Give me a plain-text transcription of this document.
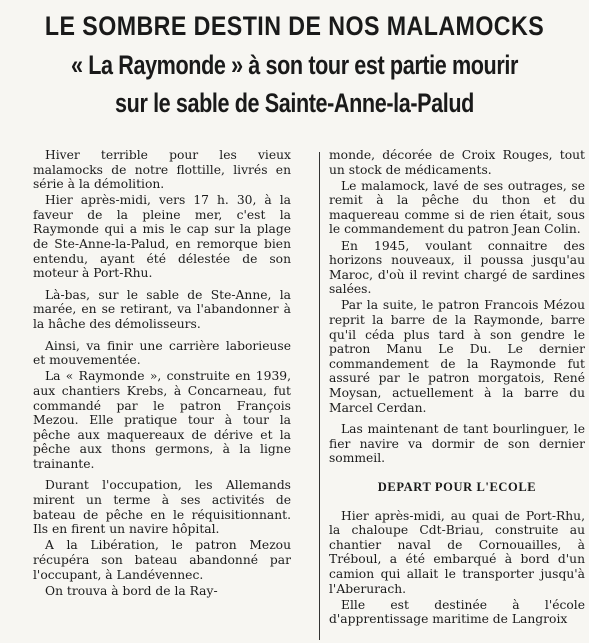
LE SOMBRE DESTIN DE NOS MALAMOCKS
« La Raymonde » à son tour est partie mourir
sur le sable de Sainte-Anne-la-Palud

Hiver terrible pour les vieux malamocks de notre flottille, livrés en série à la démolition.

Hier après-midi, vers 17 h. 30, à la faveur de la pleine mer, c'est la Raymonde qui a mis le cap sur la plage de Ste-Anne-la-Palud, en remorque bien entendu, ayant été délestée de son moteur à Port-Rhu.

Là-bas, sur le sable de Ste-Anne, la marée, en se retirant, va l'abandonner à la hâche des démolisseurs.

Ainsi, va finir une carrière laborieuse et mouvementée.

La « Raymonde », construite en 1939, aux chantiers Krebs, à Concarneau, fut commandé par le patron François Mezou. Elle pratique tour à tour la pêche aux maquereaux de dérive et la pêche aux thons germons, à la ligne trainante.

Durant l'occupation, les Allemands mirent un terme à ses activités de bateau de pêche en le réquisitionnant. Ils en firent un navire hôpital.

A la Libération, le patron Mezou récupéra son bateau abandonné par l'occupant, à Landévennec.

On trouva à bord de la Ray-

monde, décorée de Croix Rouges, tout un stock de médicaments.

Le malamock, lavé de ses outrages, se remit à la pêche du thon et du maquereau comme si de rien était, sous le commandement du patron Jean Colin.

En 1945, voulant connaitre des horizons nouveaux, il poussa jusqu'au Maroc, d'où il revint chargé de sardines salées.

Par la suite, le patron Francois Mézou reprit la barre de la Raymonde, barre qu'il céda plus tard à son gendre le patron Manu Le Du. Le dernier commandement de la Raymonde fut assuré par le patron morgatois, René Moysan, actuellement à la barre du Marcel Cerdan.

Las maintenant de tant bourlinguer, le fier navire va dormir de son dernier sommeil.

DEPART POUR L'ECOLE

Hier après-midi, au quai de Port-Rhu, la chaloupe Cdt-Briau, construite au chantier naval de Cornouailles, à Tréboul, a été embarqué à bord d'un camion qui allait le transporter jusqu'à l'Aberurach.

Elle est destinée à l'école d'apprentissage maritime de Langroix
